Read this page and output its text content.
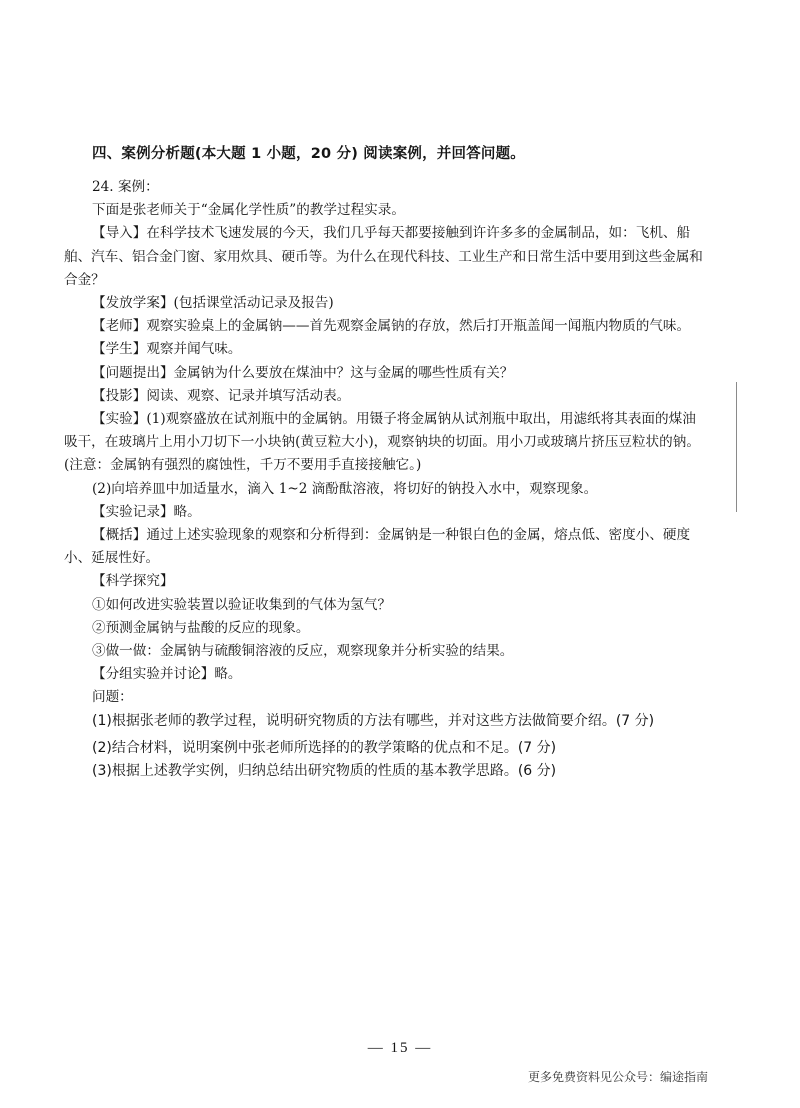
四、案例分析题(本大题 1 小题，20 分) 阅读案例，并回答问题。

24. 案例：

下面是张老师关于“金属化学性质”的教学过程实录。

【导入】在科学技术飞速发展的今天，我们几乎每天都要接触到许许多多的金属制品，如：飞机、船舶、汽车、铝合金门窗、家用炊具、硬币等。为什么在现代科技、工业生产和日常生活中要用到这些金属和合金？

【发放学案】(包括课堂活动记录及报告)

【老师】观察实验桌上的金属钠——首先观察金属钠的存放，然后打开瓶盖闻一闻瓶内物质的气味。

【学生】观察并闻气味。

【问题提出】金属钠为什么要放在煤油中？这与金属的哪些性质有关？

【投影】阅读、观察、记录并填写活动表。

【实验】(1)观察盛放在试剂瓶中的金属钠。用镊子将金属钠从试剂瓶中取出，用滤纸将其表面的煤油吸干，在玻璃片上用小刀切下一小块钠(黄豆粒大小)，观察钠块的切面。用小刀或玻璃片挤压豆粒状的钠。(注意：金属钠有强烈的腐蚀性，千万不要用手直接接触它。)

(2)向培养皿中加适量水，滴入 1~2 滴酚酞溶液，将切好的钠投入水中，观察现象。

【实验记录】略。

【概括】通过上述实验现象的观察和分析得到：金属钠是一种银白色的金属，熔点低、密度小、硬度小、延展性好。

【科学探究】

①如何改进实验装置以验证收集到的气体为氢气？

②预测金属钠与盐酸的反应的现象。

③做一做：金属钠与硫酸铜溶液的反应，观察现象并分析实验的结果。

【分组实验并讨论】略。

问题：

(1)根据张老师的教学过程，说明研究物质的方法有哪些，并对这些方法做简要介绍。(7 分)

(2)结合材料，说明案例中张老师所选择的的教学策略的优点和不足。(7 分)

(3)根据上述教学实例，归纳总结出研究物质的性质的基本教学思路。(6 分)

— 15 —
更多免费资料见公众号：编途指南
